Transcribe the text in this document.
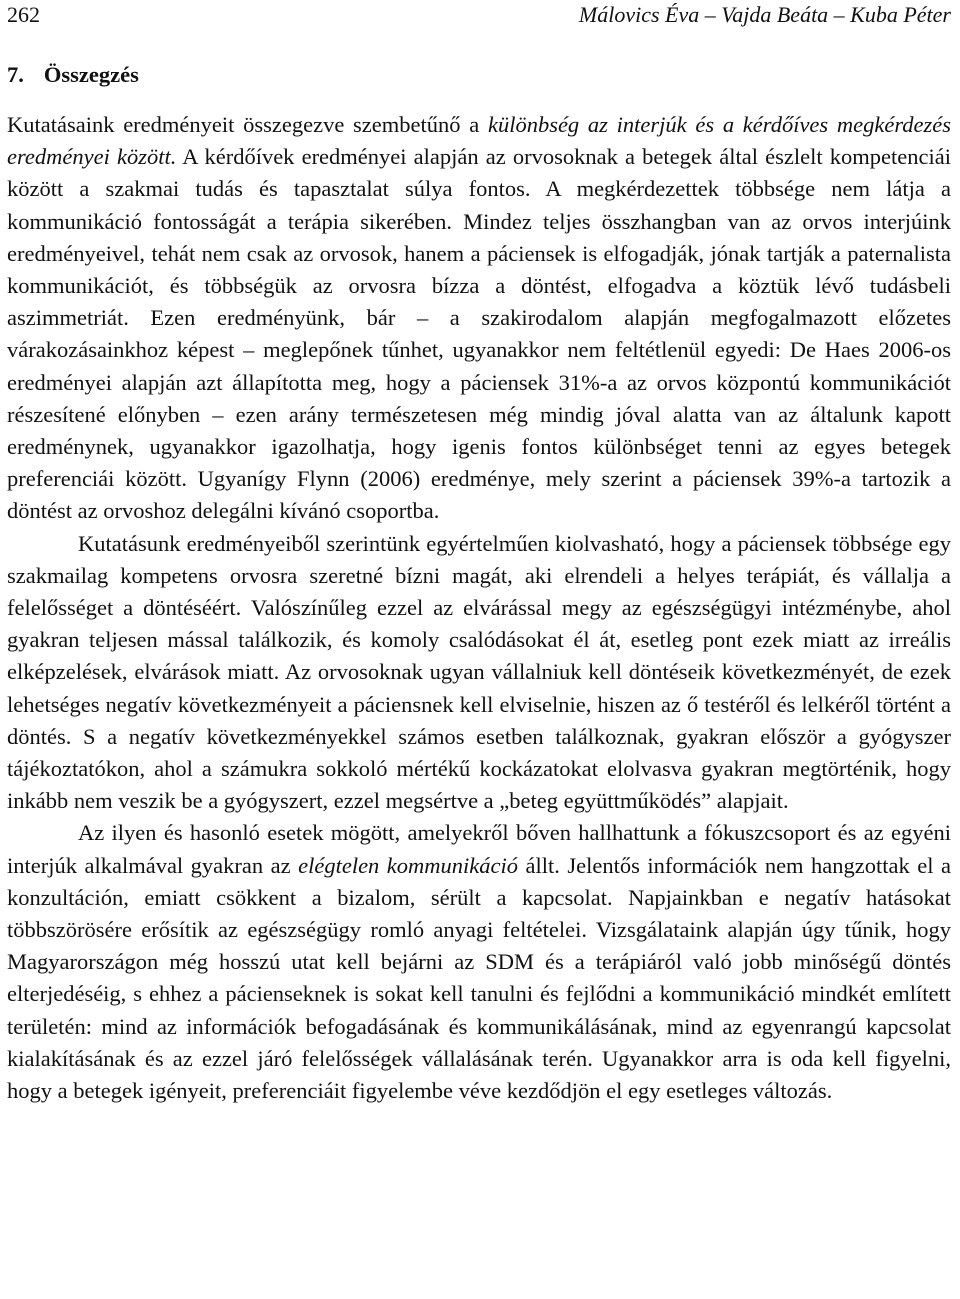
262	Málovics Éva – Vajda Beáta – Kuba Péter
7. Összegzés

Kutatásaink eredményeit összegezve szembetűnő a különbség az interjúk és a kérdőíves megkérdezés eredményei között. A kérdőívek eredményei alapján az orvosoknak a betegek által észlelt kompetenciái között a szakmai tudás és tapasztalat súlya fontos. A megkérdezettek többsége nem látja a kommunikáció fontosságát a terápia sikerében. Mindez teljes összhangban van az orvos interjúink eredményeivel, tehát nem csak az orvosok, hanem a páciensek is elfogadják, jónak tartják a paternalista kommunikációt, és többségük az orvosra bízza a döntést, elfogadva a köztük lévő tudásbeli aszimmetriát. Ezen eredményünk, bár – a szakirodalom alapján megfogalmazott előzetes várakozásainkhoz képest – meglepőnek tűnhet, ugyanakkor nem feltétlenül egyedi: De Haes 2006-os eredményei alapján azt állapította meg, hogy a páciensek 31%-a az orvos központú kommunikációt részesítené előnyben – ezen arány természetesen még mindig jóval alatta van az általunk kapott eredménynek, ugyanakkor igazolhatja, hogy igenis fontos különbséget tenni az egyes betegek preferenciái között. Ugyanígy Flynn (2006) eredménye, mely szerint a páciensek 39%-a tartozik a döntést az orvoshoz delegálni kívánó csoportba.

Kutatásunk eredményeiből szerintünk egyértelműen kiolvasható, hogy a páciensek többsége egy szakmailag kompetens orvosra szeretné bízni magát, aki elrendeli a helyes terápiát, és vállalja a felelősséget a döntéséért. Valószínűleg ezzel az elvárással megy az egészségügyi intézménybe, ahol gyakran teljesen mással találkozik, és komoly csalódásokat él át, esetleg pont ezek miatt az irreális elképzelések, elvárások miatt. Az orvosoknak ugyan vállalniuk kell döntéseik következményét, de ezek lehetséges negatív következményeit a páciensnek kell elviselnie, hiszen az ő testéről és lelkéről történt a döntés. S a negatív következményekkel számos esetben találkoznak, gyakran először a gyógyszer tájékoztatókon, ahol a számukra sokkoló mértékű kockázatokat elolvasva gyakran megtörténik, hogy inkább nem veszik be a gyógyszert, ezzel megsértve a „beteg együttműködés” alapjait.

Az ilyen és hasonló esetek mögött, amelyekről bőven hallhattunk a fókuszcsoport és az egyéni interjúk alkalmával gyakran az elégtelen kommunikáció állt. Jelentős információk nem hangzottak el a konzultáción, emiatt csökkent a bizalom, sérült a kapcsolat. Napjainkban e negatív hatásokat többszörösére erősítik az egészségügy romló anyagi feltételei. Vizsgálataink alapján úgy tűnik, hogy Magyarországon még hosszú utat kell bejárni az SDM és a terápiáról való jobb minőségű döntés elterjedéséig, s ehhez a pácienseknek is sokat kell tanulni és fejlődni a kommunikáció mindkét említett területén: mind az információk befogadásának és kommunikálásának, mind az egyenrangú kapcsolat kialakításának és az ezzel járó felelősségek vállalásának terén. Ugyanakkor arra is oda kell figyelni, hogy a betegek igényeit, preferenciáit figyelembe véve kezdődjön el egy esetleges változás.
